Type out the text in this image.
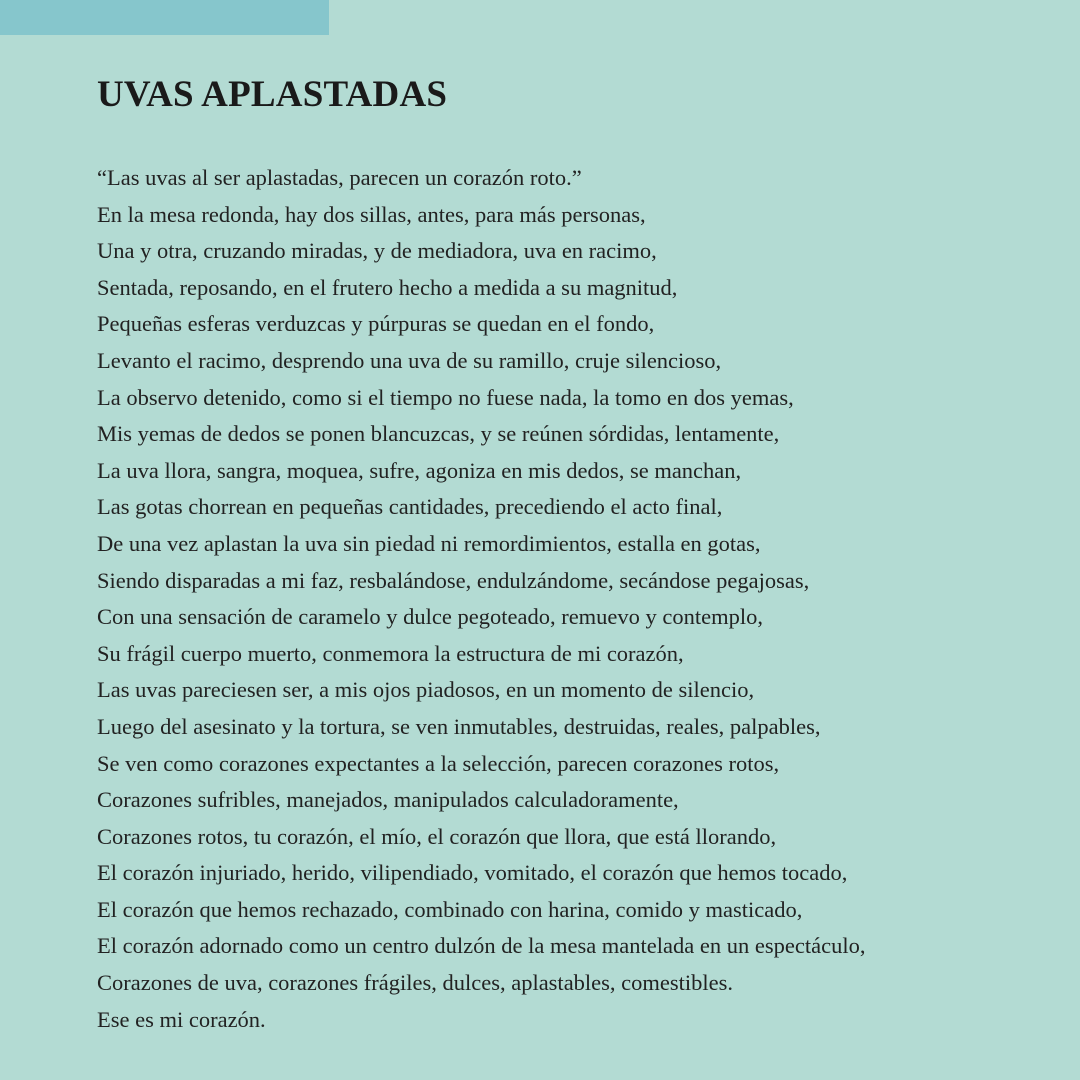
UVAS APLASTADAS
“Las uvas al ser aplastadas, parecen un corazón roto.”
En la mesa redonda, hay dos sillas, antes, para más personas,
Una y otra, cruzando miradas, y de mediadora, uva en racimo,
Sentada, reposando, en el frutero hecho a medida a su magnitud,
Pequeñas esferas verduzcas y púrpuras se quedan en el fondo,
Levanto el racimo, desprendo una uva de su ramillo, cruje silencioso,
La observo detenido, como si el tiempo no fuese nada, la tomo en dos yemas,
Mis yemas de dedos se ponen blancuzcas, y se reúnen sórdidas, lentamente,
La uva llora, sangra, moquea, sufre, agoniza en mis dedos, se manchan,
Las gotas chorrean en pequeñas cantidades, precediendo el acto final,
De una vez aplastan la uva sin piedad ni remordimientos, estalla en gotas,
Siendo disparadas a mi faz, resbalándose, endulzándome, secándose pegajosas,
Con una sensación de caramelo y dulce pegoteado, remuevo y contemplo,
Su frágil cuerpo muerto, conmemora la estructura de mi corazón,
Las uvas pareciesen ser, a mis ojos piadosos, en un momento de silencio,
Luego del asesinato y la tortura, se ven inmutables, destruidas, reales, palpables,
Se ven como corazones expectantes a la selección, parecen corazones rotos,
Corazones sufribles, manejados, manipulados calculadoramente,
Corazones rotos, tu corazón, el mío, el corazón que llora, que está llorando,
El corazón injuriado, herido, vilipendiado, vomitado, el corazón que hemos tocado,
El corazón que hemos rechazado, combinado con harina, comido y masticado,
El corazón adornado como un centro dulzón de la mesa mantelada en un espectáculo,
Corazones de uva, corazones frágiles, dulces, aplastables, comestibles.
Ese es mi corazón.
